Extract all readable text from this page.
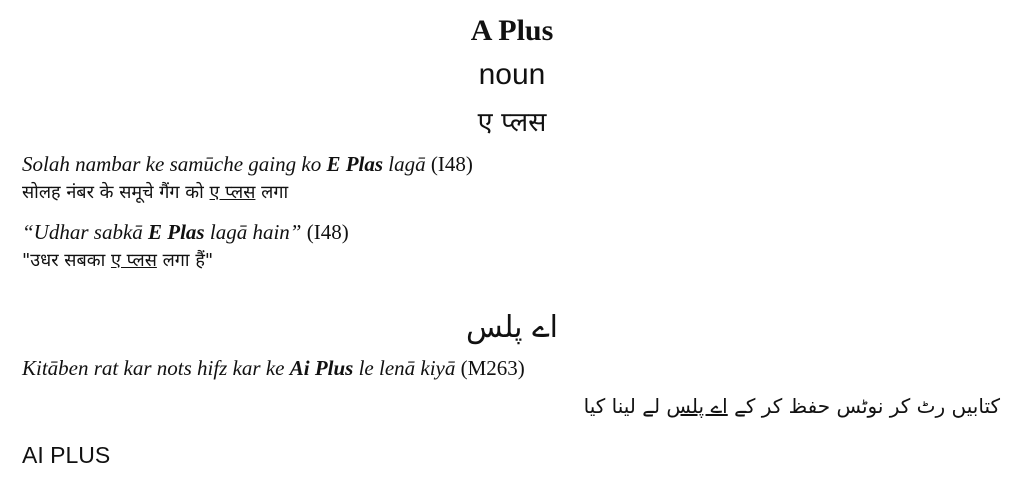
A Plus
noun
ए प्लस
Solah nambar ke samūche gaing ko E Plas lagā (I48)
सोलह नंबर के समूचे गैंग को ए प्लस लगा
“Udhar sabkā E Plas lagā hain” (I48)
"उधर सबका ए प्लस लगा हैं"
اے پلس
Kitāben rat kar nots hifz kar ke Ai Plus le lenā kiyā (M263)
کتابیں رٹ کر نوٹس حفظ کر کے اے پلس لے لینا کیا
AI PLUS
